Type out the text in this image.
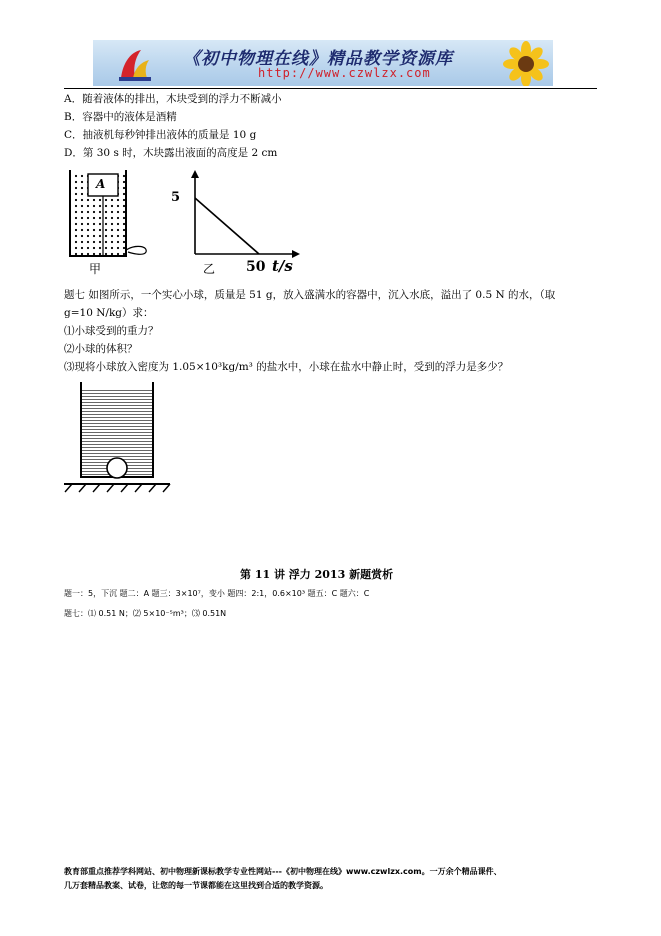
《初中物理在线》精品教学资源库
http://www.czwlzx.com
A．随着液体的排出，木块受到的浮力不断减小
B．容器中的液体是酒精
C．抽液机每秒钟排出液体的质量是 10 g
D．第 30 s 时，木块露出液面的高度是 2 cm
A
5
甲	乙 50 t/s
题七 如图所示，一个实心小球，质量是 51 g，放入盛满水的容器中，沉入水底，溢出了 0.5 N 的水，（取
g=10 N/kg）求：
⑴小球受到的重力？
⑵小球的体积？
⑶现将小球放入密度为 1.05×10³kg/m³ 的盐水中，小球在盐水中静止时，受到的浮力是多少？
第 11 讲 浮力 2013 新题赏析
题一：5，下沉 题二：A 题三：3×10⁷，变小 题四：2:1，0.6×10³ 题五：C 题六：C
题七：⑴ 0.51 N；⑵ 5×10⁻⁵m³；⑶ 0.51N
教育部重点推荐学科网站、初中物理新课标教学专业性网站---《初中物理在线》www.czwlzx.com。一万余个精品课件、
几万套精品教案、试卷，让您的每一节课都能在这里找到合适的教学资源。
